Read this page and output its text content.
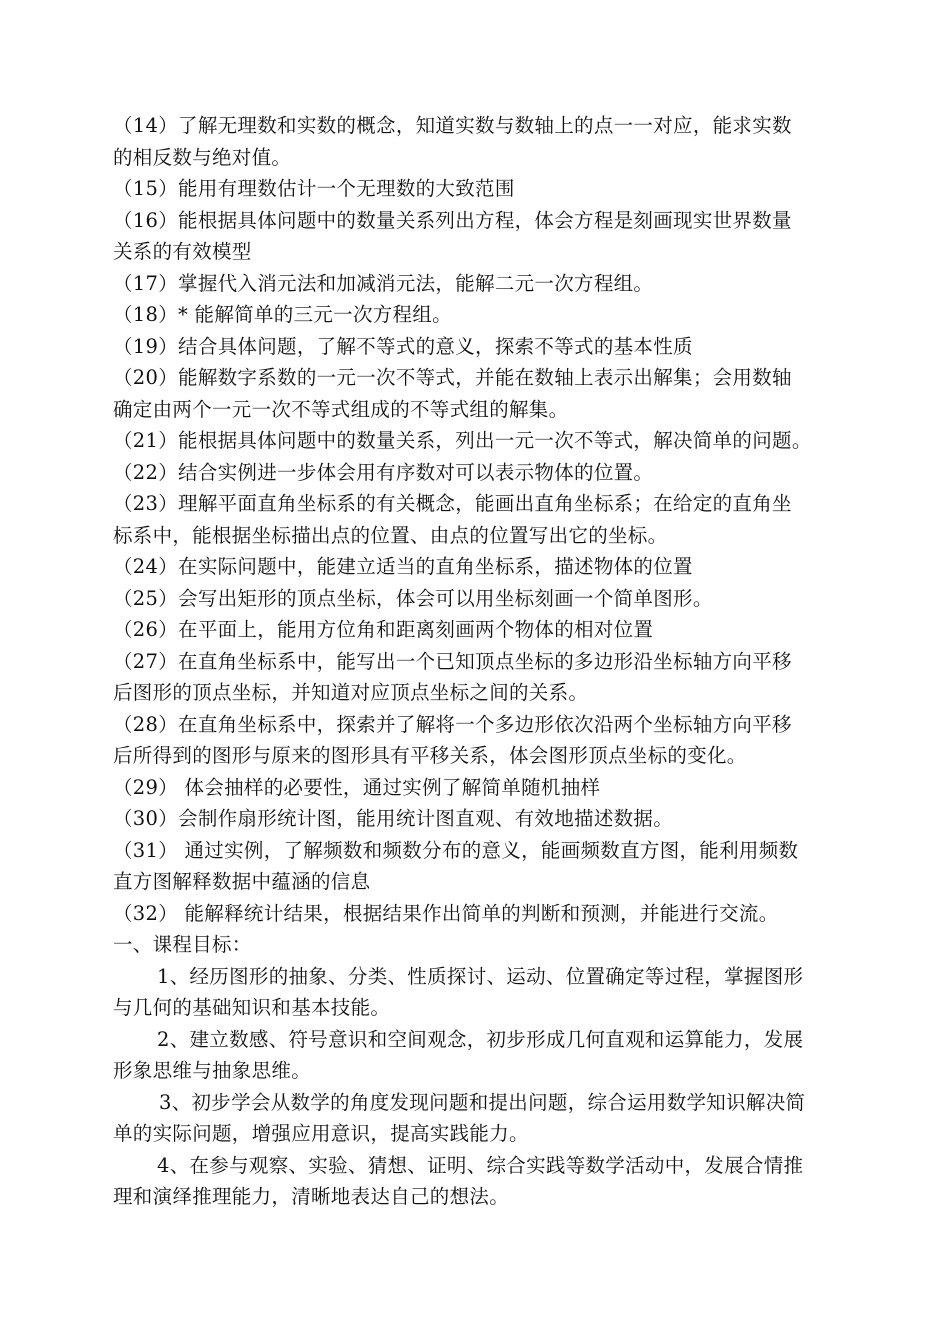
（14）了解无理数和实数的概念，知道实数与数轴上的点一一对应，能求实数
的相反数与绝对值。
（15）能用有理数估计一个无理数的大致范围
（16）能根据具体问题中的数量关系列出方程，体会方程是刻画现实世界数量
关系的有效模型
（17）掌握代入消元法和加减消元法，能解二元一次方程组。
（18）* 能解简单的三元一次方程组。
（19）结合具体问题，了解不等式的意义，探索不等式的基本性质
（20）能解数字系数的一元一次不等式，并能在数轴上表示出解集；会用数轴
确定由两个一元一次不等式组成的不等式组的解集。
（21）能根据具体问题中的数量关系，列出一元一次不等式，解决简单的问题。
（22）结合实例进一步体会用有序数对可以表示物体的位置。
（23）理解平面直角坐标系的有关概念，能画出直角坐标系；在给定的直角坐
标系中，能根据坐标描出点的位置、由点的位置写出它的坐标。
（24）在实际问题中，能建立适当的直角坐标系，描述物体的位置
（25）会写出矩形的顶点坐标，体会可以用坐标刻画一个简单图形。
（26）在平面上，能用方位角和距离刻画两个物体的相对位置
（27）在直角坐标系中，能写出一个已知顶点坐标的多边形沿坐标轴方向平移
后图形的顶点坐标，并知道对应顶点坐标之间的关系。
（28）在直角坐标系中，探索并了解将一个多边形依次沿两个坐标轴方向平移
后所得到的图形与原来的图形具有平移关系，体会图形顶点坐标的变化。
（29） 体会抽样的必要性，通过实例了解简单随机抽样
（30）会制作扇形统计图，能用统计图直观、有效地描述数据。
（31） 通过实例，了解频数和频数分布的意义，能画频数直方图，能利用频数
直方图解释数据中蕴涵的信息
（32） 能解释统计结果，根据结果作出简单的判断和预测，并能进行交流。
一、课程目标：
1、经历图形的抽象、分类、性质探讨、运动、位置确定等过程，掌握图形
与几何的基础知识和基本技能。
2、建立数感、符号意识和空间观念，初步形成几何直观和运算能力，发展
形象思维与抽象思维。
3、初步学会从数学的角度发现问题和提出问题，综合运用数学知识解决简
单的实际问题，增强应用意识，提高实践能力。
4、在参与观察、实验、猜想、证明、综合实践等数学活动中，发展合情推
理和演绎推理能力，清晰地表达自己的想法。
